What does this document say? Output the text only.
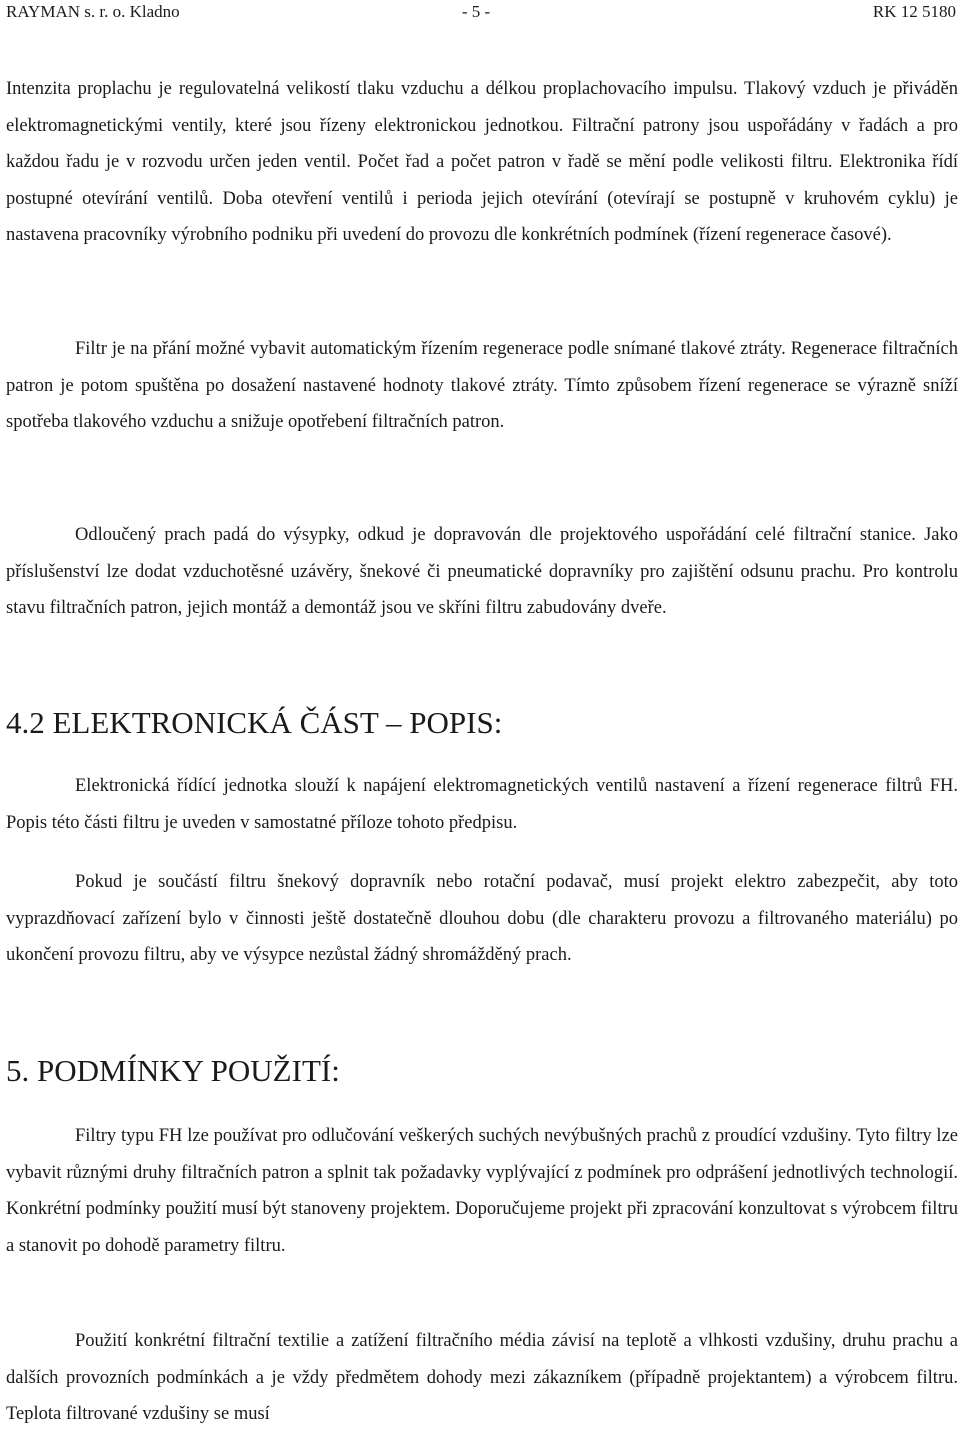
RAYMAN s. r. o. Kladno	- 5 -	RK 12 5180

Intenzita proplachu je regulovatelná velikostí tlaku vzduchu a délkou proplachovacího impulsu. Tlakový vzduch je přiváděn elektromagnetickými ventily, které jsou řízeny elektronickou jednotkou. Filtrační patrony jsou uspořádány v řadách a pro každou řadu je v rozvodu určen jeden ventil. Počet řad a počet patron v řadě se mění podle velikosti filtru. Elektronika řídí postupné otevírání ventilů. Doba otevření ventilů i perioda jejich otevírání (otevírají se postupně v kruhovém cyklu) je nastavena pracovníky výrobního podniku při uvedení do provozu dle konkrétních podmínek (řízení regenerace časové).

Filtr je na přání možné vybavit automatickým řízením regenerace podle snímané tlakové ztráty. Regenerace filtračních patron je potom spuštěna po dosažení nastavené hodnoty tlakové ztráty. Tímto způsobem řízení regenerace se výrazně sníží spotřeba tlakového vzduchu a snižuje opotřebení filtračních patron.

Odloučený prach padá do výsypky, odkud je dopravován dle projektového uspořádání celé filtrační stanice. Jako příslušenství lze dodat vzduchotěsné uzávěry, šnekové či pneumatické dopravníky pro zajištění odsunu prachu. Pro kontrolu stavu filtračních patron, jejich montáž a demontáž jsou ve skříni filtru zabudovány dveře.

4.2 ELEKTRONICKÁ ČÁST – POPIS:

Elektronická řídící jednotka slouží k napájení elektromagnetických ventilů nastavení a řízení regenerace filtrů FH. Popis této části filtru je uveden v samostatné příloze tohoto předpisu.

Pokud je součástí filtru šnekový dopravník nebo rotační podavač, musí projekt elektro zabezpečit, aby toto vyprazdňovací zařízení bylo v činnosti ještě dostatečně dlouhou dobu (dle charakteru provozu a filtrovaného materiálu) po ukončení provozu filtru, aby ve výsypce nezůstal žádný shromážděný prach.

5. PODMÍNKY POUŽITÍ:

Filtry typu FH lze používat pro odlučování veškerých suchých nevýbušných prachů z proudící vzdušiny. Tyto filtry lze vybavit různými druhy filtračních patron a splnit tak požadavky vyplývající z podmínek pro odprášení jednotlivých technologií. Konkrétní podmínky použití musí být stanoveny projektem. Doporučujeme projekt při zpracování konzultovat s výrobcem filtru a stanovit po dohodě parametry filtru.

Použití konkrétní filtrační textilie a zatížení filtračního média závisí na teplotě a vlhkosti vzdušiny, druhu prachu a dalších provozních podmínkách a je vždy předmětem dohody mezi zákazníkem (případně projektantem) a výrobcem filtru. Teplota filtrované vzdušiny se musí
